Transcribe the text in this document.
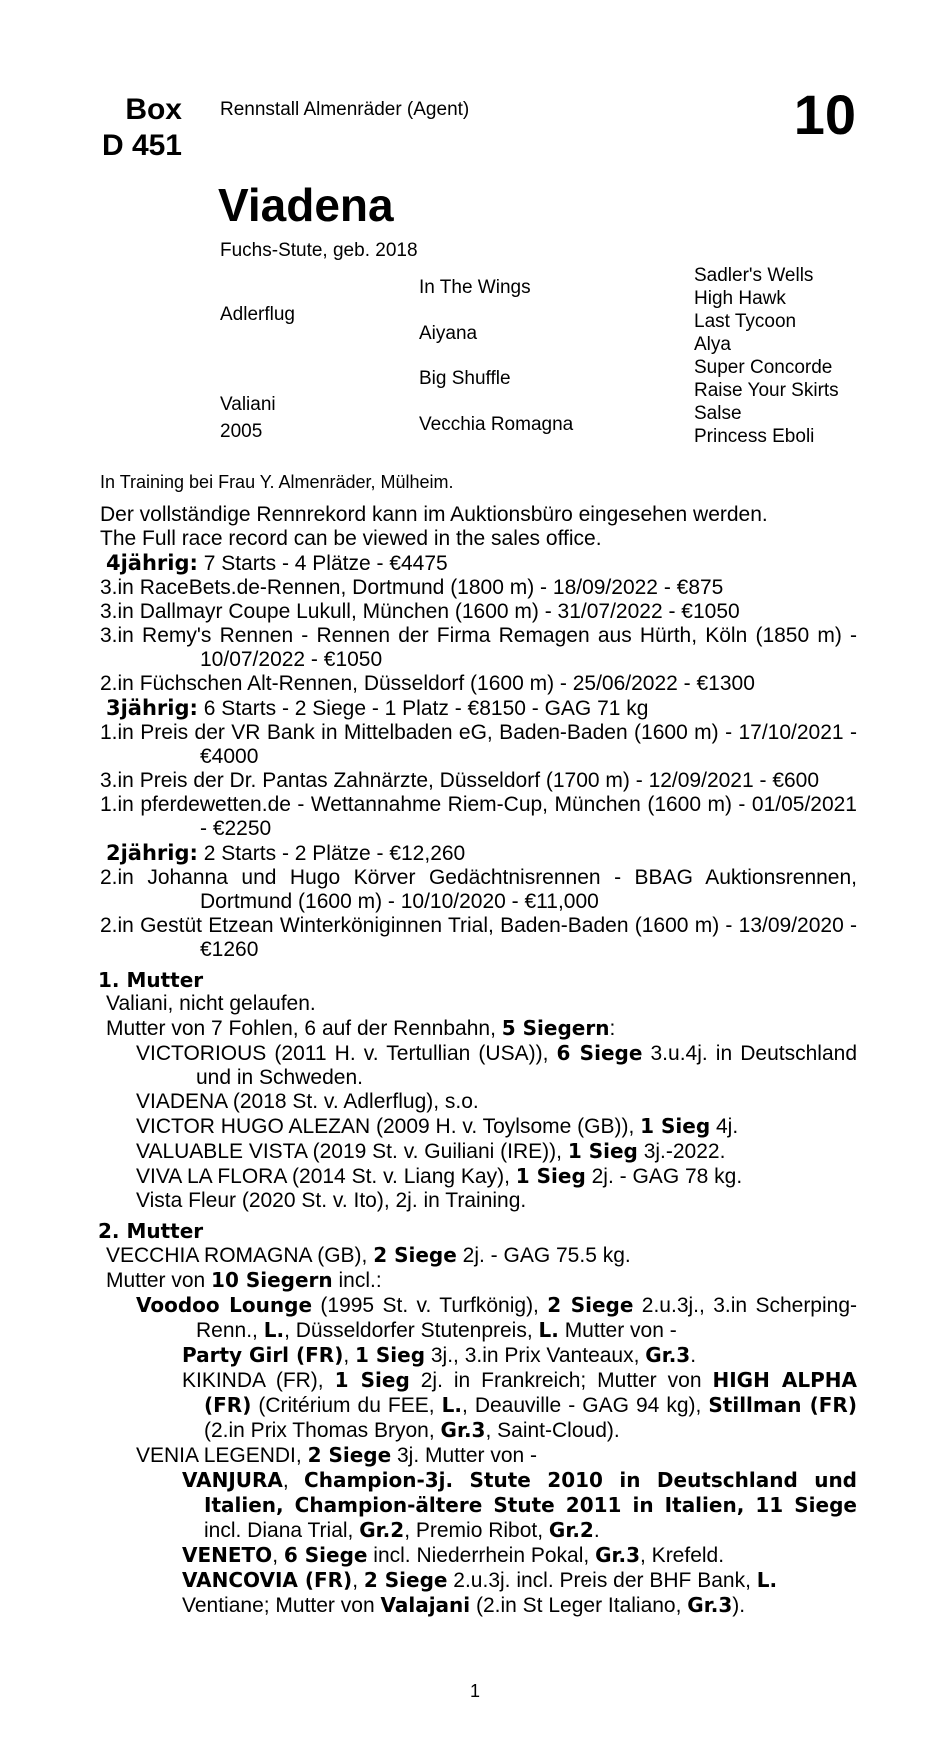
Box
D 451
Rennstall Almenräder (Agent)	10
Viadena
Fuchs-Stute, geb. 2018
Adlerflug
Valiani
2005
In The Wings
Aiyana
Big Shuffle
Vecchia Romagna
Sadler's Wells
High Hawk
Last Tycoon
Alya
Super Concorde
Raise Your Skirts
Salse
Princess Eboli
In Training bei Frau Y. Almenräder, Mülheim.

Der vollständige Rennrekord kann im Auktionsbüro eingesehen werden.

The Full race record can be viewed in the sales office.

4jährig: 7 Starts - 4 Plätze - €4475

3.in RaceBets.de-Rennen, Dortmund (1800 m) - 18/09/2022 - €875

3.in Dallmayr Coupe Lukull, München (1600 m) - 31/07/2022 - €1050

3.in Remy's Rennen - Rennen der Firma Remagen aus Hürth, Köln (1850 m) - 10/07/2022 - €1050

2.in Füchschen Alt-Rennen, Düsseldorf (1600 m) - 25/06/2022 - €1300

3jährig: 6 Starts - 2 Siege - 1 Platz - €8150 - GAG 71 kg

1.in Preis der VR Bank in Mittelbaden eG, Baden-Baden (1600 m) - 17/10/2021 - €4000

3.in Preis der Dr. Pantas Zahnärzte, Düsseldorf (1700 m) - 12/09/2021 - €600

1.in pferdewetten.de - Wettannahme Riem-Cup, München (1600 m) - 01/05/2021 - €2250

2jährig: 2 Starts - 2 Plätze - €12,260

2.in Johanna und Hugo Körver Gedächtnisrennen - BBAG Auktionsrennen, Dortmund (1600 m) - 10/10/2020 - €11,000

2.in Gestüt Etzean Winterköniginnen Trial, Baden-Baden (1600 m) - 13/09/2020 - €1260

1. Mutter

Valiani, nicht gelaufen.

Mutter von 7 Fohlen, 6 auf der Rennbahn, 5 Siegern:

VICTORIOUS (2011 H. v. Tertullian (USA)), 6 Siege 3.u.4j. in Deutschland und in Schweden.

VIADENA (2018 St. v. Adlerflug), s.o.

VICTOR HUGO ALEZAN (2009 H. v. Toylsome (GB)), 1 Sieg 4j.

VALUABLE VISTA (2019 St. v. Guiliani (IRE)), 1 Sieg 3j.-2022.

VIVA LA FLORA (2014 St. v. Liang Kay), 1 Sieg 2j. - GAG 78 kg.

Vista Fleur (2020 St. v. Ito), 2j. in Training.

2. Mutter

VECCHIA ROMAGNA (GB), 2 Siege 2j. - GAG 75.5 kg.

Mutter von 10 Siegern incl.:

Voodoo Lounge (1995 St. v. Turfkönig), 2 Siege 2.u.3j., 3.in Scherping-Renn., L., Düsseldorfer Stutenpreis, L. Mutter von -

Party Girl (FR), 1 Sieg 3j., 3.in Prix Vanteaux, Gr.3.

KIKINDA (FR), 1 Sieg 2j. in Frankreich; Mutter von HIGH ALPHA (FR) (Critérium du FEE, L., Deauville - GAG 94 kg), Stillman (FR) (2.in Prix Thomas Bryon, Gr.3, Saint-Cloud).

VENIA LEGENDI, 2 Siege 3j. Mutter von -

VANJURA, Champion-3j. Stute 2010 in Deutschland und Italien, Champion-ältere Stute 2011 in Italien, 11 Siege incl. Diana Trial, Gr.2, Premio Ribot, Gr.2.

VENETO, 6 Siege incl. Niederrhein Pokal, Gr.3, Krefeld.

VANCOVIA (FR), 2 Siege 2.u.3j. incl. Preis der BHF Bank, L.

Ventiane; Mutter von Valajani (2.in St Leger Italiano, Gr.3).

1
